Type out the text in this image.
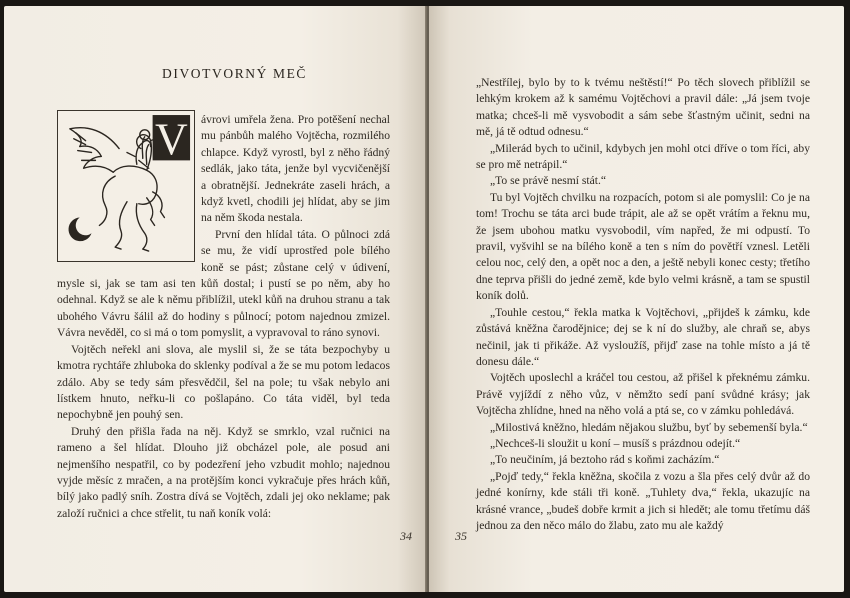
DIVOTVORNÝ MEČ
V	ávrovi umřela žena. Pro potěšení nechal mu pánbůh malého Vojtěcha, rozmilého chlapce. Když vyrostl, byl z něho řádný sedlák, jako táta, jenže byl vycvičenější a obratnější. Jednekráte zaseli hrách, a když kvetl, chodili jej hlídat, aby se jim na něm škoda nestala.

První den hlídal táta. O půlnoci zdá se mu, že vidí uprostřed pole bílého koně se pást; zůstane celý v údivení, mysle si, jak se tam asi ten kůň dostal; i pustí se po něm, aby ho odehnal. Když se ale k němu přiblížil, utekl kůň na druhou stranu a tak ubohého Vávru šálil až do hodiny s půlnocí; potom najednou zmizel. Vávra nevěděl, co si má o tom pomyslit, a vypravoval to ráno synovi.

Vojtěch neřekl ani slova, ale myslil si, že se táta bezpochyby u kmotra rychtáře zhluboka do sklenky podíval a že se mu potom ledacos zdálo. Aby se tedy sám přesvědčil, šel na pole; tu však nebylo ani lístkem hnuto, neřku-li co pošlapáno. Co táta viděl, byl teda nepochybně jen pouhý sen.

Druhý den přišla řada na něj. Když se smrklo, vzal ručnici na rameno a šel hlídat. Dlouho již obcházel pole, ale posud ani nejmenšího nespatřil, co by podezření jeho vzbudit mohlo; najednou vyjde měsíc z mračen, a na protějším konci vykračuje přes hrách kůň, bílý jako padlý sníh. Zostra dívá se Vojtěch, zdali jej oko neklame; pak založí ručnici a chce střelit, tu naň koník volá:

34

„Nestřílej, bylo by to k tvému neštěstí!“ Po těch slovech přiblížil se lehkým krokem až k samému Vojtěchovi a pravil dále: „Já jsem tvoje matka; chceš-li mě vysvobodit a sám sebe šťastným učinit, sedni na mě, já tě odtud odnesu.“

„Milerád bych to učinil, kdybych jen mohl otci dříve o tom říci, aby se pro mě netrápil.“

„To se právě nesmí stát.“

Tu byl Vojtěch chvilku na rozpacích, potom si ale pomyslil: Co je na tom! Trochu se táta arci bude trápit, ale až se opět vrátím a řeknu mu, že jsem ubohou matku vysvobodil, vím napřed, že mi odpustí. To pravil, vyšvihl se na bílého koně a ten s ním do povětří vznesl. Letěli celou noc, celý den, a opět noc a den, a ještě nebyli konec cesty; třetího dne teprva přišli do jedné země, kde bylo velmi krásně, a tam se spustil koník dolů.

„Touhle cestou,“ řekla matka k Vojtěchovi, „přijdeš k zámku, kde zůstává kněžna čarodějnice; dej se k ní do služby, ale chraň se, abys nečinil, jak ti přikáže. Až vysloužíš, přijď zase na tohle místo a já tě donesu dále.“

Vojtěch uposlechl a kráčel tou cestou, až přišel k překnému zámku. Právě vyjíždí z něho vůz, v němžto sedí paní svůdné krásy; jak Vojtěcha zhlídne, hned na něho volá a ptá se, co v zámku pohledává.

„Milostivá kněžno, hledám nějakou službu, byť by sebemenší byla.“

„Nechceš-li sloužit u koní – musíš s prázdnou odejít.“

„To neučiním, já beztoho rád s koňmi zacházím.“

„Pojď tedy,“ řekla kněžna, skočila z vozu a šla přes celý dvůr až do jedné konírny, kde stáli tři koně. „Tuhlety dva,“ řekla, ukazujíc na krásné vrance, „budeš dobře krmit a jich si hledět; ale tomu třetímu dáš jednou za den něco málo do žlabu, zato mu ale každý

35
